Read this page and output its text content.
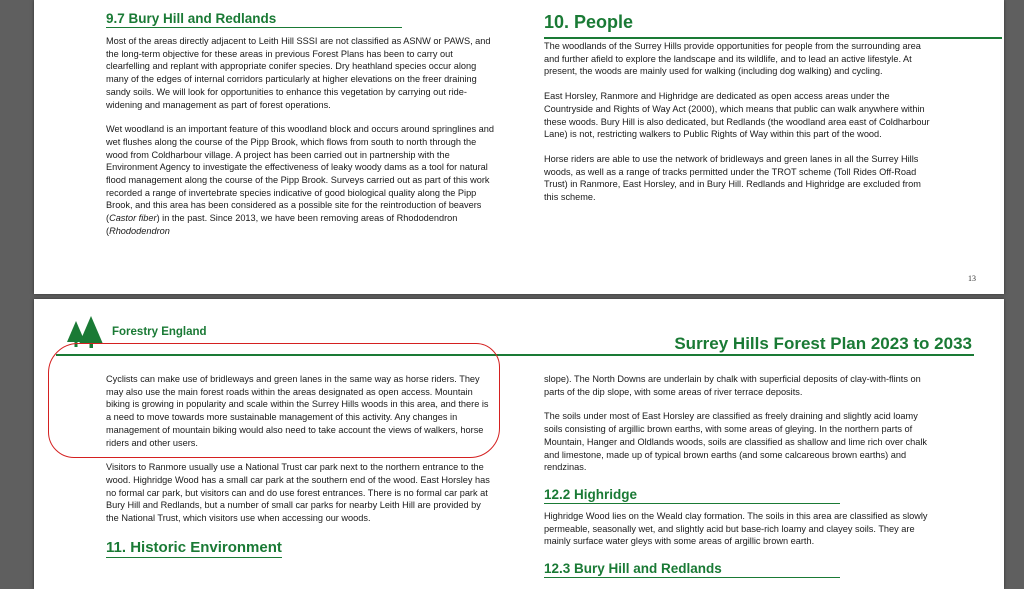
9.7 Bury Hill and Redlands

Most of the areas directly adjacent to Leith Hill SSSI are not classified as ASNW or PAWS, and the long-term objective for these areas in previous Forest Plans has been to carry out clearfelling and replant with appropriate conifer species. Dry heathland species occur along many of the edges of internal corridors particularly at higher elevations on the freer draining sandy soils. We will look for opportunities to enhance this vegetation by carrying out ride-widening and management as part of forest operations.

Wet woodland is an important feature of this woodland block and occurs around springlines and wet flushes along the course of the Pipp Brook, which flows from south to north through the wood from Coldharbour village. A project has been carried out in partnership with the Environment Agency to investigate the effectiveness of leaky woody dams as a tool for natural flood management along the course of the Pipp Brook. Surveys carried out as part of this work recorded a range of invertebrate species indicative of good biological quality along the Pipp Brook, and this area has been considered as a possible site for the reintroduction of beavers (Castor fiber) in the past. Since 2013, we have been removing areas of Rhododendron (Rhododendron

10. People

The woodlands of the Surrey Hills provide opportunities for people from the surrounding area and further afield to explore the landscape and its wildlife, and to lead an active lifestyle. At present, the woods are mainly used for walking (including dog walking) and cycling.

East Horsley, Ranmore and Highridge are dedicated as open access areas under the Countryside and Rights of Way Act (2000), which means that public can walk anywhere within these woods. Bury Hill is also dedicated, but Redlands (the woodland area east of Coldharbour Lane) is not, restricting walkers to Public Rights of Way within this part of the wood.

Horse riders are able to use the network of bridleways and green lanes in all the Surrey Hills woods, as well as a range of tracks permitted under the TROT scheme (Toll Rides Off-Road Trust) in Ranmore, East Horsley, and in Bury Hill. Redlands and Highridge are excluded from this scheme.

13
Forestry England
Surrey Hills Forest Plan 2023 to 2033

Cyclists can make use of bridleways and green lanes in the same way as horse riders. They may also use the main forest roads within the areas designated as open access. Mountain biking is growing in popularity and scale within the Surrey Hills woods in this area, and there is a need to move towards more sustainable management of this activity. Any changes in management of mountain biking would also need to take account the views of walkers, horse riders and other users.

Visitors to Ranmore usually use a National Trust car park next to the northern entrance to the wood. Highridge Wood has a small car park at the southern end of the wood. East Horsley has no formal car park, but visitors can and do use forest entrances. There is no formal car park at Bury Hill and Redlands, but a number of small car parks for nearby Leith Hill are provided by the National Trust, which visitors use when accessing our woods.

11. Historic Environment

slope). The North Downs are underlain by chalk with superficial deposits of clay-with-flints on parts of the dip slope, with some areas of river terrace deposits.

The soils under most of East Horsley are classified as freely draining and slightly acid loamy soils consisting of argillic brown earths, with some areas of gleying. In the northern parts of Mountain, Hanger and Oldlands woods, soils are classified as shallow and lime rich over chalk and limestone, made up of typical brown earths (and some calcareous brown earths) and rendzinas.

12.2 Highridge

Highridge Wood lies on the Weald clay formation. The soils in this area are classified as slowly permeable, seasonally wet, and slightly acid but base-rich loamy and clayey soils. They are mainly surface water gleys with some areas of argillic brown earth.

12.3 Bury Hill and Redlands
